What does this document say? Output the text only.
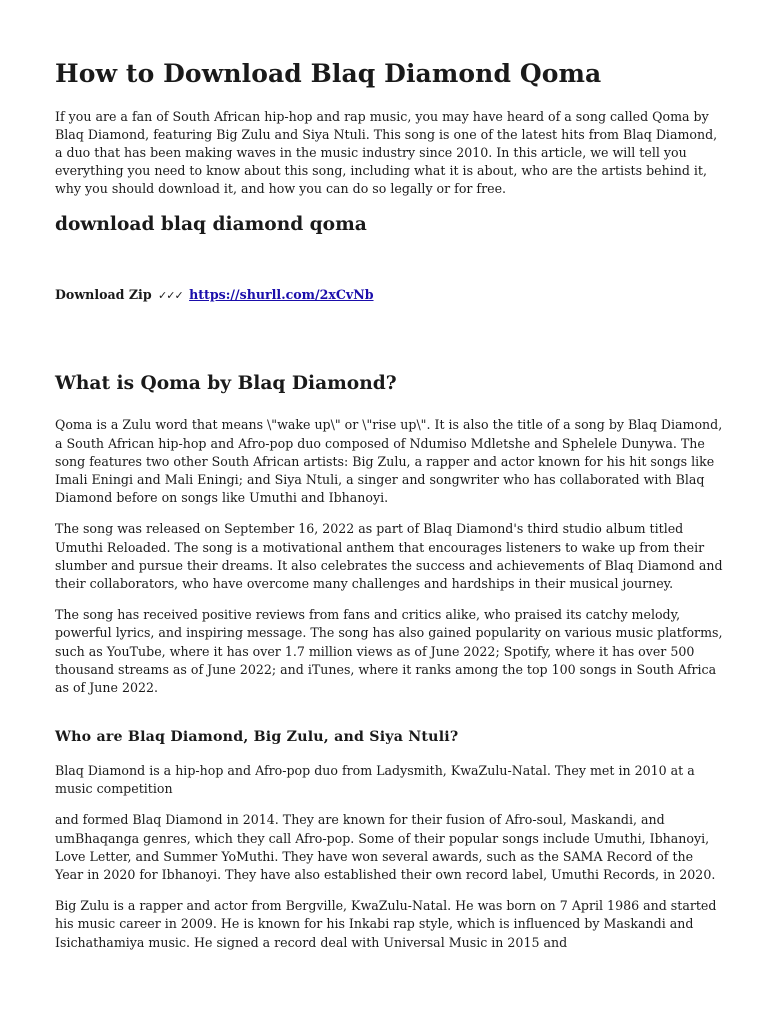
How to Download Blaq Diamond Qoma

If you are a fan of South African hip-hop and rap music, you may have heard of a song called Qoma by Blaq Diamond, featuring Big Zulu and Siya Ntuli. This song is one of the latest hits from Blaq Diamond, a duo that has been making waves in the music industry since 2010. In this article, we will tell you everything you need to know about this song, including what it is about, who are the artists behind it, why you should download it, and how you can do so legally or for free.

download blaq diamond qoma
Download Zip ✓✓✓ https://shurll.com/2xCvNb
What is Qoma by Blaq Diamond?

Qoma is a Zulu word that means \"wake up\" or \"rise up\". It is also the title of a song by Blaq Diamond, a South African hip-hop and Afro-pop duo composed of Ndumiso Mdletshe and Sphelele Dunywa. The song features two other South African artists: Big Zulu, a rapper and actor known for his hit songs like Imali Eningi and Mali Eningi; and Siya Ntuli, a singer and songwriter who has collaborated with Blaq Diamond before on songs like Umuthi and Ibhanoyi.

The song was released on September 16, 2022 as part of Blaq Diamond's third studio album titled Umuthi Reloaded. The song is a motivational anthem that encourages listeners to wake up from their slumber and pursue their dreams. It also celebrates the success and achievements of Blaq Diamond and their collaborators, who have overcome many challenges and hardships in their musical journey.

The song has received positive reviews from fans and critics alike, who praised its catchy melody, powerful lyrics, and inspiring message. The song has also gained popularity on various music platforms, such as YouTube, where it has over 1.7 million views as of June 2022; Spotify, where it has over 500 thousand streams as of June 2022; and iTunes, where it ranks among the top 100 songs in South Africa as of June 2022.

Who are Blaq Diamond, Big Zulu, and Siya Ntuli?

Blaq Diamond is a hip-hop and Afro-pop duo from Ladysmith, KwaZulu-Natal. They met in 2010 at a music competition

and formed Blaq Diamond in 2014. They are known for their fusion of Afro-soul, Maskandi, and umBhaqanga genres, which they call Afro-pop. Some of their popular songs include Umuthi, Ibhanoyi, Love Letter, and Summer YoMuthi. They have won several awards, such as the SAMA Record of the Year in 2020 for Ibhanoyi. They have also established their own record label, Umuthi Records, in 2020.

Big Zulu is a rapper and actor from Bergville, KwaZulu-Natal. He was born on 7 April 1986 and started his music career in 2009. He is known for his Inkabi rap style, which is influenced by Maskandi and Isichathamiya music. He signed a record deal with Universal Music in 2015 and
